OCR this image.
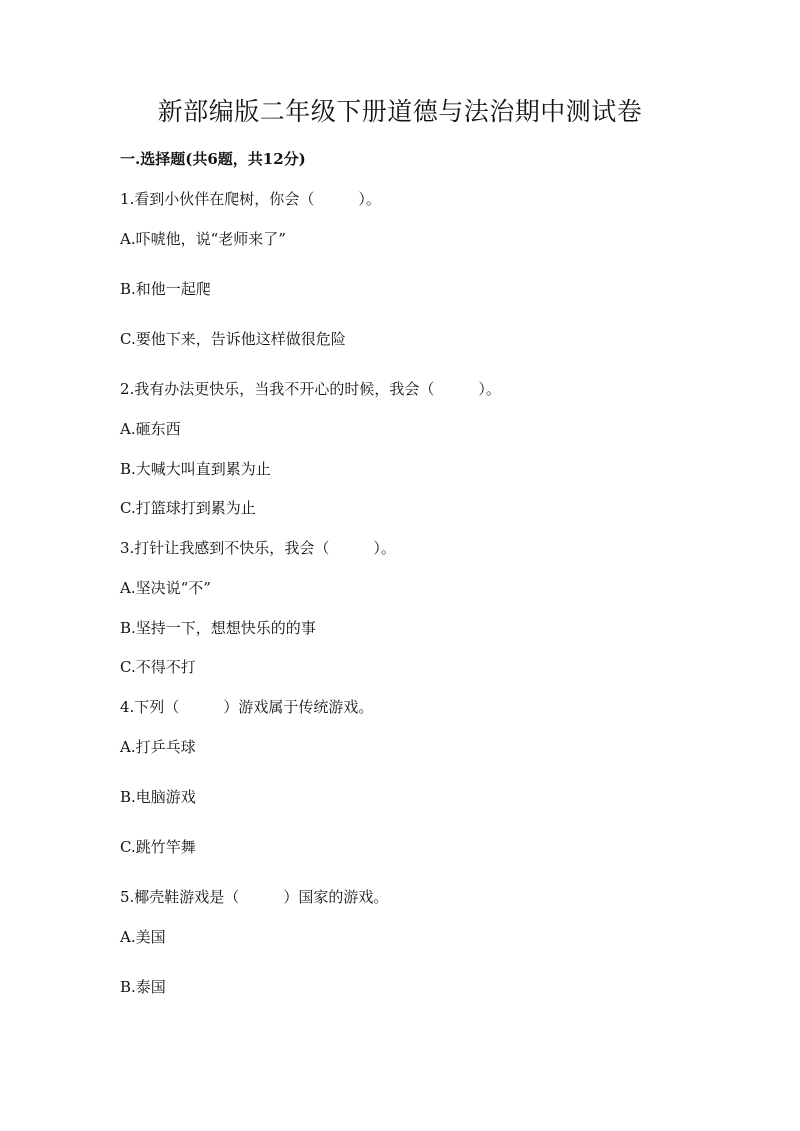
新部编版二年级下册道德与法治期中测试卷
一.选择题(共6题，共12分)
1.看到小伙伴在爬树，你会（	）。
A.吓唬他，说“老师来了”
B.和他一起爬
C.要他下来，告诉他这样做很危险
2.我有办法更快乐，当我不开心的时候，我会（	）。
A.砸东西
B.大喊大叫直到累为止
C.打篮球打到累为止
3.打针让我感到不快乐，我会（	）。
A.坚决说“不”
B.坚持一下，想想快乐的的事
C.不得不打
4.下列（	）游戏属于传统游戏。
A.打乒乓球
B.电脑游戏
C.跳竹竿舞
5.椰壳鞋游戏是（	）国家的游戏。
A.美国
B.泰国
